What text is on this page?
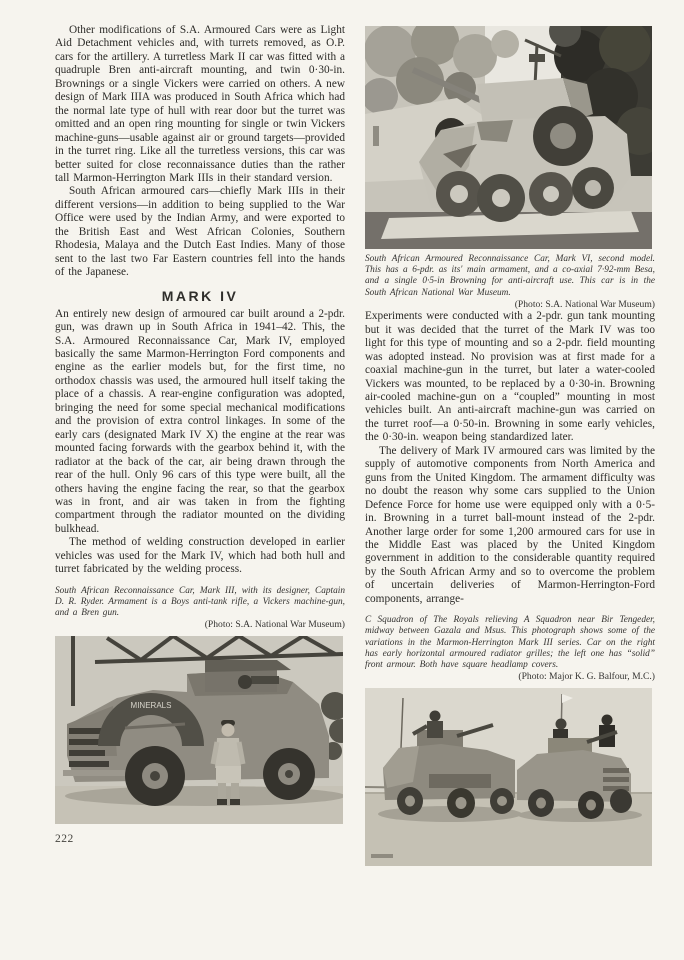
Other modifications of S.A. Armoured Cars were as Light Aid Detachment vehicles and, with turrets removed, as O.P. cars for the artillery. A turretless Mark II car was fitted with a quadruple Bren anti-aircraft mounting, and twin 0·30-in. Brownings or a single Vickers were carried on others. A new design of Mark IIIA was produced in South Africa which had the normal late type of hull with rear door but the turret was omitted and an open ring mounting for single or twin Vickers machine-guns—usable against air or ground targets—provided in the turret ring. Like all the turretless versions, this car was better suited for close reconnaissance duties than the rather tall Marmon-Herrington Mark IIIs in their standard version.

South African armoured cars—chiefly Mark IIIs in their different versions—in addition to being supplied to the War Office were used by the Indian Army, and were exported to the British East and West African Colonies, Southern Rhodesia, Malaya and the Dutch East Indies. Many of those sent to the last two Far Eastern countries fell into the hands of the Japanese.

MARK IV

An entirely new design of armoured car built around a 2-pdr. gun, was drawn up in South Africa in 1941–42. This, the S.A. Armoured Reconnaissance Car, Mark IV, employed basically the same Marmon-Herrington Ford components and engine as the earlier models but, for the first time, no orthodox chassis was used, the armoured hull itself taking the place of a chassis. A rear-engine configuration was adopted, bringing the need for some special mechanical modifications and the provision of extra control linkages. In some of the early cars (designated Mark IV X) the engine at the rear was mounted facing forwards with the gearbox behind it, with the radiator at the back of the car, air being drawn through the rear of the hull. Only 96 cars of this type were built, all the others having the engine facing the rear, so that the gearbox was in front, and air was taken in from the fighting compartment through the radiator mounted on the dividing bulkhead.

The method of welding construction developed in earlier vehicles was used for the Mark IV, which had both hull and turret fabricated by the welding process.

South African Reconnaissance Car, Mark III, with its designer, Captain D. R. Ryder. Armament is a Boys anti-tank rifle, a Vickers machine-gun, and a Bren gun.

(Photo: S.A. National War Museum)

MINERALS
222

South African Armoured Reconnaissance Car, Mark VI, second model. This has a 6-pdr. as its' main armament, and a co-axial 7·92-mm Besa, and a single 0·5-in Browning for anti-aircraft use. This car is in the South African National War Museum.

(Photo: S.A. National War Museum)

Experiments were conducted with a 2-pdr. gun tank mounting but it was decided that the turret of the Mark IV was too light for this type of mounting and so a 2-pdr. field mounting was adopted instead. No provision was at first made for a coaxial machine-gun in the turret, but later a water-cooled Vickers was mounted, to be replaced by a 0·30-in. Browning air-cooled machine-gun on a “coupled” mounting in most vehicles built. An anti-aircraft machine-gun was carried on the turret roof—a 0·50-in. Browning in some early vehicles, the 0·30-in. weapon being standardized later.

The delivery of Mark IV armoured cars was limited by the supply of automotive components from North America and guns from the United Kingdom. The armament difficulty was no doubt the reason why some cars supplied to the Union Defence Force for home use were equipped only with a 0·5-in. Browning in a turret ball-mount instead of the 2-pdr. Another large order for some 1,200 armoured cars for use in the Middle East was placed by the United Kingdom government in addition to the considerable quantity required by the South African Army and so to overcome the problem of uncertain deliveries of Marmon-Herrington-Ford components, arrange-

C Squadron of The Royals relieving A Squadron near Bir Tengeder, midway between Gazala and Msus. This photograph shows some of the variations in the Marmon-Herrington Mark III series. Car on the right has early horizontal armoured radiator grilles; the left one has “solid” front armour. Both have square headlamp covers.

(Photo: Major K. G. Balfour, M.C.)
